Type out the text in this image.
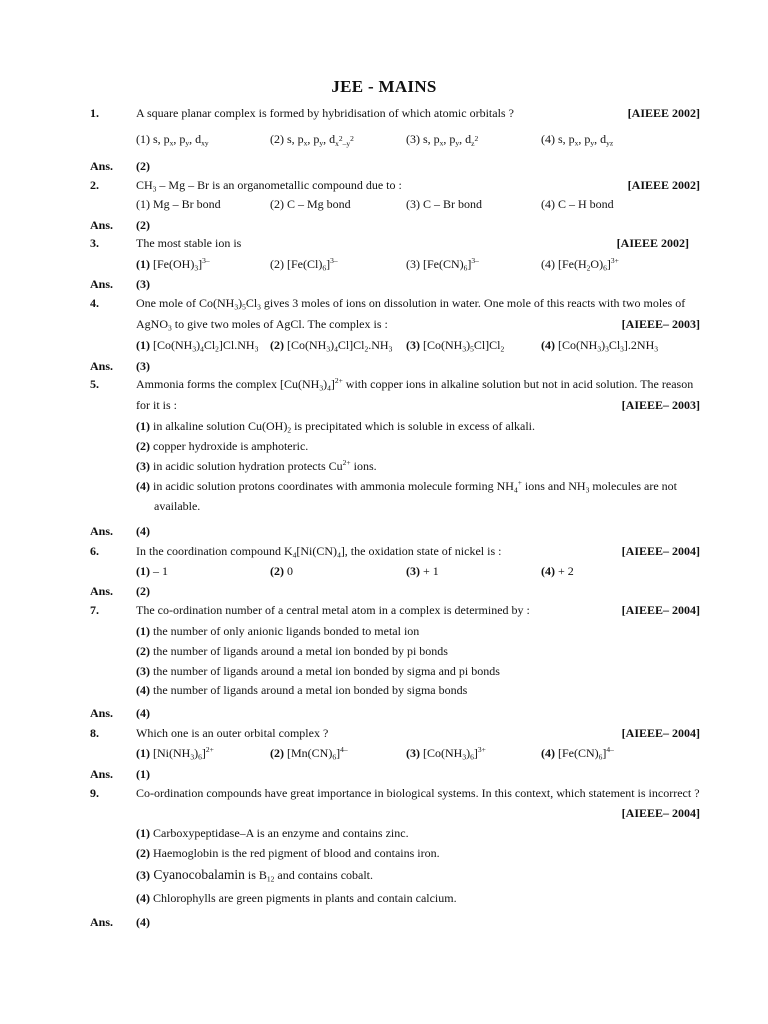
JEE - MAINS
1.	A square planar complex is formed by hybridisation of which atomic orbitals ?	[AIEEE 2002]
(1) s, $p_x$, $p_y$, $d_{xy}$	(2) s, $p_x$, $p_y$, $d_{x^2-y^2}$	(3) s, $p_x$, $p_y$, $d_{z^2}$	(4) s, $p_x$, $p_y$, $d_{yz}$
Ans. (2)
2.	$CH_3$ – Mg – Br is an organometallic compound due to :	[AIEEE 2002]
(1) Mg – Br bond	(2) C – Mg bond	(3) C – Br bond	(4) C – H bond
Ans. (2)
3.	The most stable ion is	[AIEEE 2002]
(1) $[Fe(OH)_3]^{3-}$	(2) $[Fe(Cl)_6]^{3-}$	(3) $[Fe(CN)_6]^{3-}$	(4) $[Fe(H_2O)_6]^{3+}$
Ans. (3)
4.	One mole of $Co(NH_3)_5Cl_3$ gives 3 moles of ions on dissolution in water. One mole of this reacts with two moles of
AgNO$_3$ to give two moles of AgCl. The complex is :	[AIEEE– 2003]
(1) $[Co(NH_3)_4Cl_2]Cl.NH_3$ (2) $[Co(NH_3)_4Cl]Cl_2.NH_3$ (3) $[Co(NH_3)_5Cl]Cl_2$	(4) $[Co(NH_3)_3Cl_3].2NH_3$
Ans. (3)
5.	Ammonia forms the complex $[Cu(NH_3)_4]^{2+}$ with copper ions in alkaline solution but not in acid solution. The reason
for it is :	[AIEEE– 2003]
(1) in alkaline solution $Cu(OH)_2$ is precipitated which is soluble in excess of alkali.
(2) copper hydroxide is amphoteric.
(3) in acidic solution hydration protects $Cu^{2+}$ ions.
(4) in acidic solution protons coordinates with ammonia molecule forming $NH_4^+$ ions and $NH_3$ molecules are not
available.
Ans. (4)
6.	In the coordination compound $K_4[Ni(CN)_4]$, the oxidation state of nickel is :	[AIEEE– 2004]
(1) – 1	(2) 0	(3) + 1	(4) + 2
Ans. (2)
7.	The co-ordination number of a central metal atom in a complex is determined by :	[AIEEE– 2004]
(1) the number of only anionic ligands bonded to metal ion
(2) the number of ligands around a metal ion bonded by pi bonds
(3) the number of ligands around a metal ion bonded by sigma and pi bonds
(4) the number of ligands around a metal ion bonded by sigma bonds
Ans. (4)
8.	Which one is an outer orbital complex ?	[AIEEE– 2004]
(1) $[Ni(NH_3)_6]^{2+}$	(2) $[Mn(CN)_6]^{4-}$	(3) $[Co(NH_3)_6]^{3+}$	(4) $[Fe(CN)_6]^{4-}$
Ans. (1)
9.	Co-ordination compounds have great importance in biological systems. In this context, which statement is incorrect ?
[AIEEE– 2004]
(1) Carboxypeptidase–A is an enzyme and contains zinc.
(2) Haemoglobin is the red pigment of blood and contains iron.
(3) Cyanocobalamin is $B_{12}$ and contains cobalt.
(4) Chlorophylls are green pigments in plants and contain calcium.
Ans. (4)
